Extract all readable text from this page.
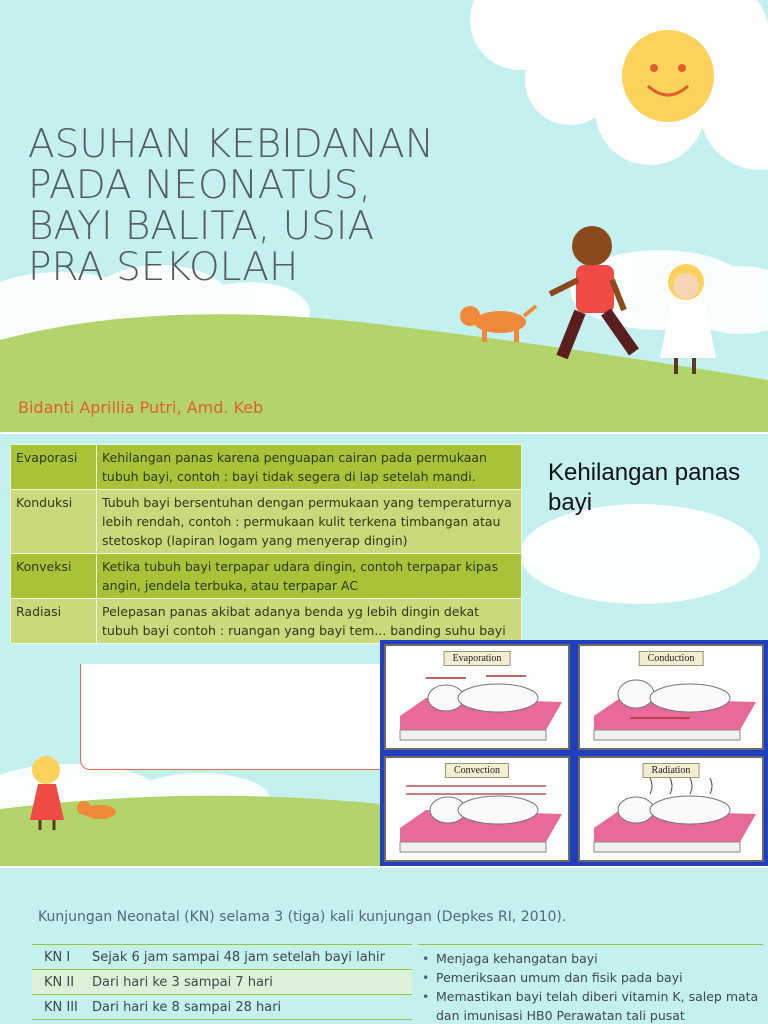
ASUHAN KEBIDANAN
PADA NEONATUS,
BAYI BALITA, USIA
PRA SEKOLAH
Bidanti Aprillia Putri, Amd. Keb
Evaporasi	Kehilangan panas karena penguapan cairan pada permukaan tubuh bayi, contoh : bayi tidak segera di lap setelah mandi.
Konduksi	Tubuh bayi bersentuhan dengan permukaan yang temperaturnya lebih rendah, contoh : permukaan kulit terkena timbangan atau stetoskop (lapiran logam yang menyerap dingin)
Konveksi	Ketika tubuh bayi terpapar udara dingin, contoh terpapar kipas angin, jendela terbuka, atau terpapar AC
Radiasi	Pelepasan panas akibat adanya benda yg lebih dingin dekat tubuh bayi contoh : ruangan yang bayi tem... banding suhu bayi
Kehilangan panas bayi
Evaporation	Conduction
Convection	Radiation
Kunjungan Neonatal (KN) selama 3 (tiga) kali kunjungan (Depkes RI, 2010).
KN I	Sejak 6 jam sampai 48 jam setelah bayi lahir
KN II	Dari hari ke 3 sampai 7 hari
KN III	Dari hari ke 8 sampai 28 hari
• Menjaga kehangatan bayi
• Pemeriksaan umum dan fisik pada bayi
• Memastikan bayi telah diberi vitamin K, salep mata dan imunisasi HB0 Perawatan tali pusat
